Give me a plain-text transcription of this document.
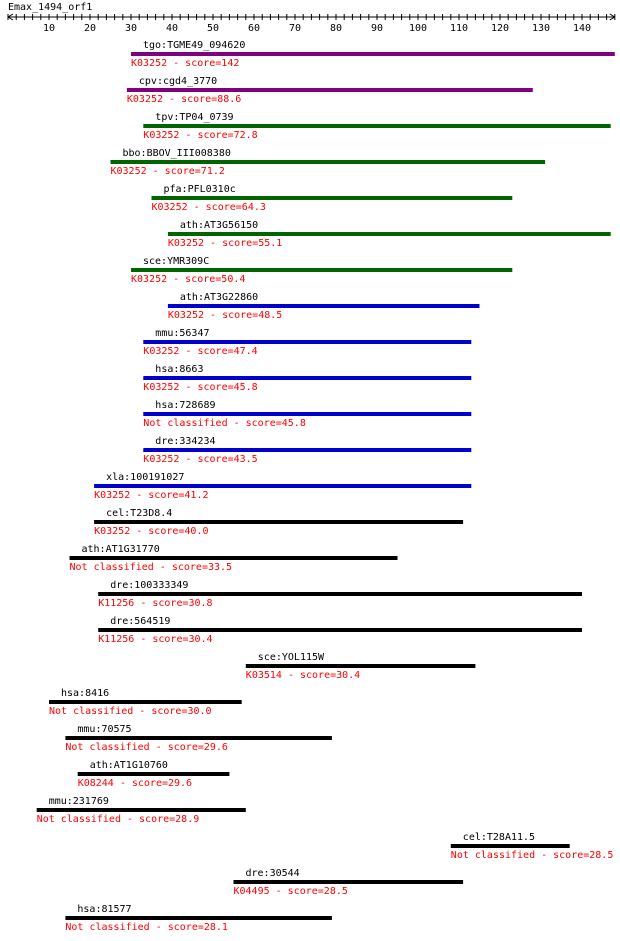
Emax_1494_orf1
10	20	30	40	50	60	70	80	90	100 110 120 130 140
tgo:TGME49_094620
K03252 - score=142
cpv:cgd4_3770
K03252 - score=88.6
tpv:TP04_0739
K03252 - score=72.8
bbo:BBOV_III008380
K03252 - score=71.2
pfa:PFL0310c
K03252 - score=64.3
ath:AT3G56150
K03252 - score=55.1
sce:YMR309C
K03252 - score=50.4
ath:AT3G22860
K03252 - score=48.5
mmu:56347
K03252 - score=47.4
hsa:8663
K03252 - score=45.8
hsa:728689
Not classified - score=45.8
dre:334234
K03252 - score=43.5
xla:100191027
K03252 - score=41.2
cel:T23D8.4
K03252 - score=40.0
ath:AT1G31770
Not classified - score=33.5
dre:100333349
K11256 - score=30.8
dre:564519
K11256 - score=30.4
sce:YOL115W
K03514 - score=30.4
hsa:8416
Not classified - score=30.0
mmu:70575
Not classified - score=29.6
ath:AT1G10760
K08244 - score=29.6
mmu:231769
Not classified - score=28.9
cel:T28A11.5
Not classified - score=28.5
dre:30544
K04495 - score=28.5
hsa:81577
Not classified - score=28.1
